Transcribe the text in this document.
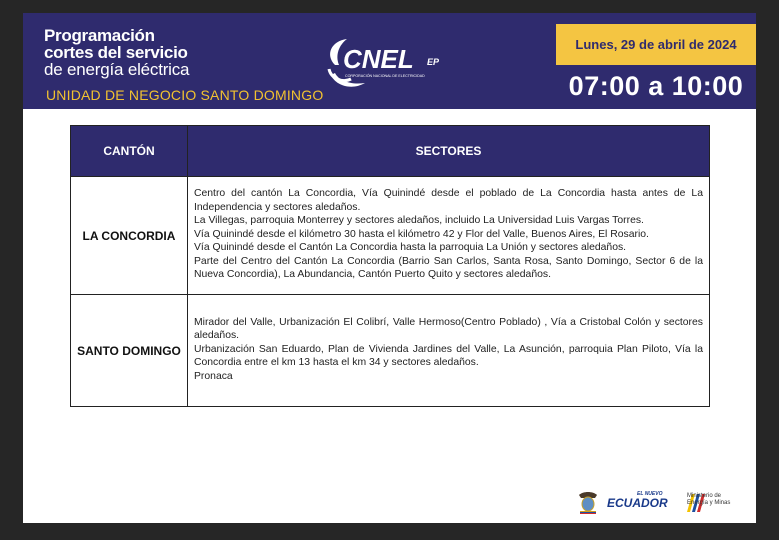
Programación
cortes del servicio
de energía eléctrica
UNIDAD DE NEGOCIO SANTO DOMINGO
CNEL EP
CORPORACIÓN NACIONAL DE ELECTRICIDAD
Lunes, 29 de abril de 2024
07:00 a 10:00
CANTÓN	SECTORES
LA CONCORDIA	Centro del cantón La Concordia, Vía Quinindé desde el poblado de La Concordia hasta antes de La Independencia y sectores aledaños.
La Villegas, parroquia Monterrey y sectores aledaños, incluido La Universidad Luis Vargas Torres.
Vía Quinindé desde el kilómetro 30 hasta el kilómetro 42 y Flor del Valle, Buenos Aires, El Rosario.
Vía Quinindé desde el Cantón La Concordia hasta la parroquia La Unión y sectores aledaños.
Parte del Centro del Cantón La Concordia (Barrio San Carlos, Santa Rosa, Santo Domingo, Sector 6 de la Nueva Concordia), La Abundancia, Cantón Puerto Quito y sectores aledaños.

SANTO DOMINGO	Mirador del Valle, Urbanización El Colibrí, Valle Hermoso(Centro Poblado) , Vía a Cristobal Colón y sectores aledaños.
Urbanización San Eduardo, Plan de Vivienda Jardines del Valle, La Asunción, parroquia Plan Piloto, Vía la Concordia entre el km 13 hasta el km 34 y sectores aledaños.
Pronaca
EL NUEVO
ECUADOR	Ministerio de
Energía y Minas
